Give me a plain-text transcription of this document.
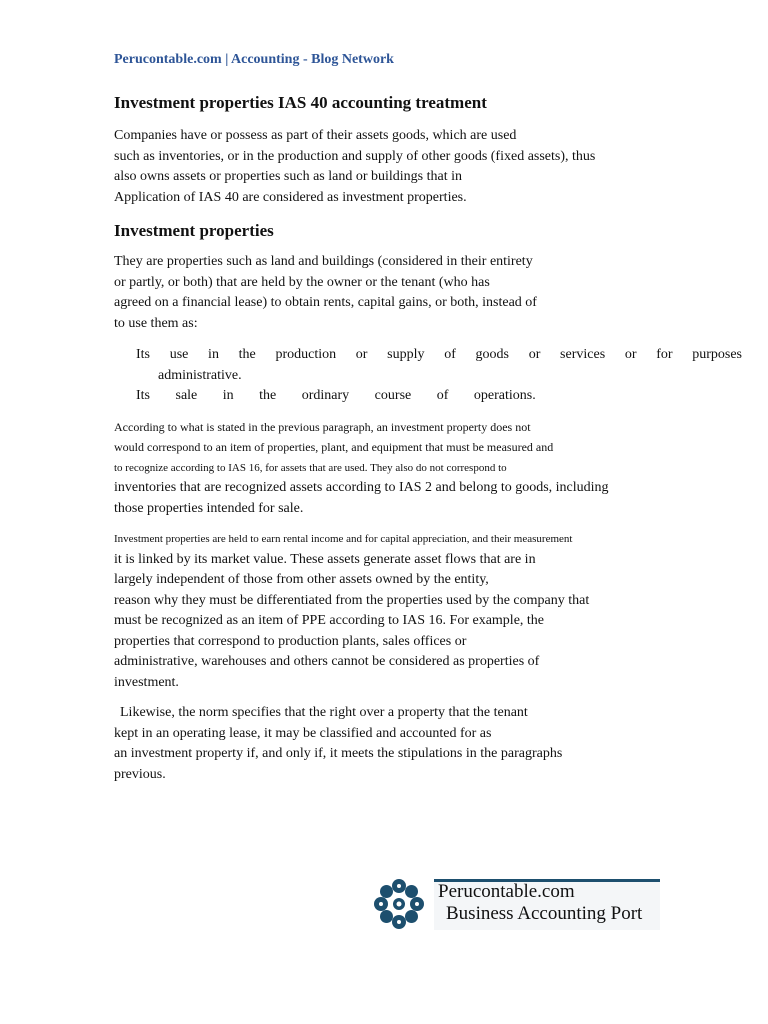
Perucontable.com | Accounting - Blog Network
Investment properties IAS 40 accounting treatment

Companies have or possess as part of their assets goods, which are used
such as inventories, or in the production and supply of other goods (fixed assets), thus
also owns assets or properties such as land or buildings that in
Application of IAS 40 are considered as investment properties.

Investment properties

They are properties such as land and buildings (considered in their entirety
or partly, or both) that are held by the owner or the tenant (who has
agreed on a financial lease) to obtain rents, capital gains, or both, instead of
to use them as:

Its use in the production or supply of goods or services or for purposes
administrative.
Its sale in the ordinary course of operations.

According to what is stated in the previous paragraph, an investment property does not
would correspond to an item of properties, plant, and equipment that must be measured and
to recognize according to IAS 16, for assets that are used. They also do not correspond to
inventories that are recognized assets according to IAS 2 and belong to goods, including
those properties intended for sale.

Investment properties are held to earn rental income and for capital appreciation, and their measurement
it is linked by its market value. These assets generate asset flows that are in
largely independent of those from other assets owned by the entity,
reason why they must be differentiated from the properties used by the company that
must be recognized as an item of PPE according to IAS 16. For example, the
properties that correspond to production plants, sales offices or
administrative, warehouses and others cannot be considered as properties of
investment.

Likewise, the norm specifies that the right over a property that the tenant
kept in an operating lease, it may be classified and accounted for as
an investment property if, and only if, it meets the stipulations in the paragraphs
previous.

Perucontable.com
Business Accounting Port
